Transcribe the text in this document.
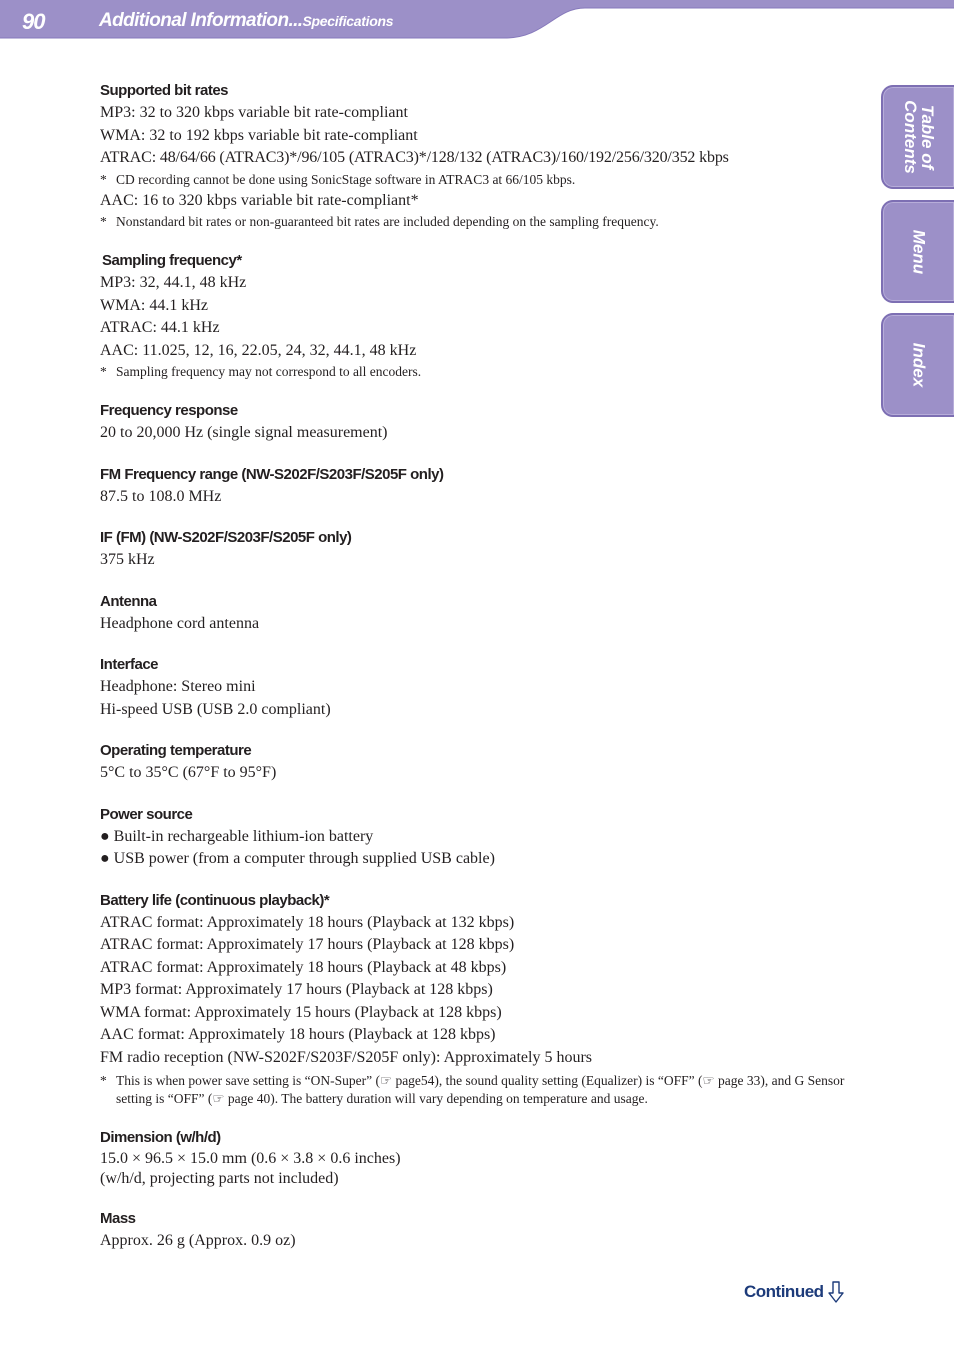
90	Additional Information...Specifications
Table of Contents
Menu
Index
Supported bit rates
MP3: 32 to 320 kbps variable bit rate-compliant
WMA: 32 to 192 kbps variable bit rate-compliant
ATRAC: 48/64/66 (ATRAC3)*/96/105 (ATRAC3)*/128/132 (ATRAC3)/160/192/256/320/352 kbps
* CD recording cannot be done using SonicStage software in ATRAC3 at 66/105 kbps.
AAC: 16 to 320 kbps variable bit rate-compliant*
* Nonstandard bit rates or non-guaranteed bit rates are included depending on the sampling frequency.
Sampling frequency*
MP3: 32, 44.1, 48 kHz
WMA: 44.1 kHz
ATRAC: 44.1 kHz
AAC: 11.025, 12, 16, 22.05, 24, 32, 44.1, 48 kHz
* Sampling frequency may not correspond to all encoders.
Frequency response
20 to 20,000 Hz (single signal measurement)
FM Frequency range (NW-S202F/S203F/S205F only)
87.5 to 108.0 MHz
IF (FM) (NW-S202F/S203F/S205F only)
375 kHz
Antenna
Headphone cord antenna
Interface
Headphone: Stereo mini
Hi-speed USB (USB 2.0 compliant)
Operating temperature
5°C to 35°C (67°F to 95°F)
Power source
● Built-in rechargeable lithium-ion battery
● USB power (from a computer through supplied USB cable)
Battery life (continuous playback)*
ATRAC format: Approximately 18 hours (Playback at 132 kbps)
ATRAC format: Approximately 17 hours (Playback at 128 kbps)
ATRAC format: Approximately 18 hours (Playback at 48 kbps)
MP3 format: Approximately 17 hours (Playback at 128 kbps)
WMA format: Approximately 15 hours (Playback at 128 kbps)
AAC format: Approximately 18 hours (Playback at 128 kbps)
FM radio reception (NW-S202F/S203F/S205F only): Approximately 5 hours
* This is when power save setting is “ON-Super” (☞ page54), the sound quality setting (Equalizer) is “OFF” (☞ page 33), and G Sensor setting is “OFF” (☞ page 40). The battery duration will vary depending on temperature and usage.
Dimension (w/h/d)
15.0 × 96.5 × 15.0 mm (0.6 × 3.8 × 0.6 inches)
(w/h/d, projecting parts not included)
Mass
Approx. 26 g (Approx. 0.9 oz)
Continued
